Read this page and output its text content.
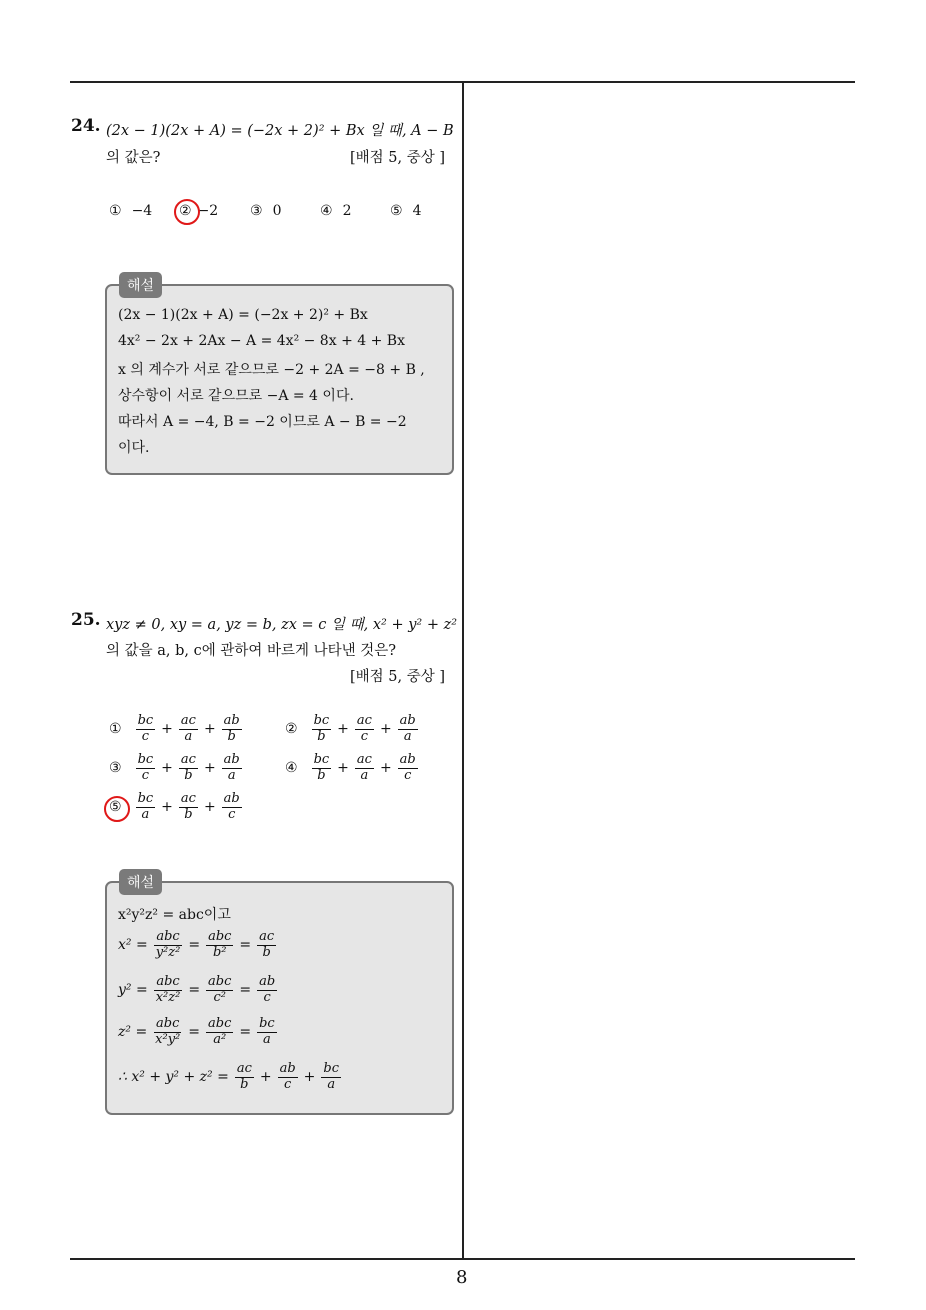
24. (2x − 1)(2x + A) = (−2x + 2)² + Bx 일 때, A − B
의 값은?	[배점 5, 중상 ]
① −4 ② −2 ③ 0	④ 2	⑤ 4
해설
(2x − 1)(2x + A) = (−2x + 2)² + Bx
4x² − 2x + 2Ax − A = 4x² − 8x + 4 + Bx
x 의 계수가 서로 같으므로 −2 + 2A = −8 + B ,
상수항이 서로 같으므로 −A = 4 이다.
따라서 A = −4, B = −2 이므로 A − B = −2
이다.
25. xyz ≠ 0, xy = a, yz = b, zx = c 일 때, x² + y² + z²
의 값을 a, b, c에 관하여 바르게 나타낸 것은?
[배점 5, 중상 ]
① $\frac{bc}{c} + \frac{ac}{a} + \frac{ab}{b}$	② $\frac{bc}{b} + \frac{ac}{c} + \frac{ab}{a}$
③ $\frac{bc}{c} + \frac{ac}{b} + \frac{ab}{a}$	④ $\frac{bc}{b} + \frac{ac}{a} + \frac{ab}{c}$
⑤ $\frac{bc}{a} + \frac{ac}{b} + \frac{ab}{c}$
해설
x²y²z² = abc이고
$x^2 = \frac{\text{abc}}{\text{y²z²}} = \frac{\text{abc}}{\text{b²}} = \frac{ac}{b}$
$y^2 = \frac{\text{abc}}{\text{x²z²}} = \frac{\text{abc}}{\text{c²}} = \frac{ab}{c}$
$z^2 = \frac{\text{abc}}{\text{x²y²}} = \frac{\text{abc}}{\text{a²}} = \frac{bc}{a}$
∴ $x^2 + y^2 + z^2 = \frac{ac}{b} + \frac{ab}{c} + \frac{bc}{a}$
8
